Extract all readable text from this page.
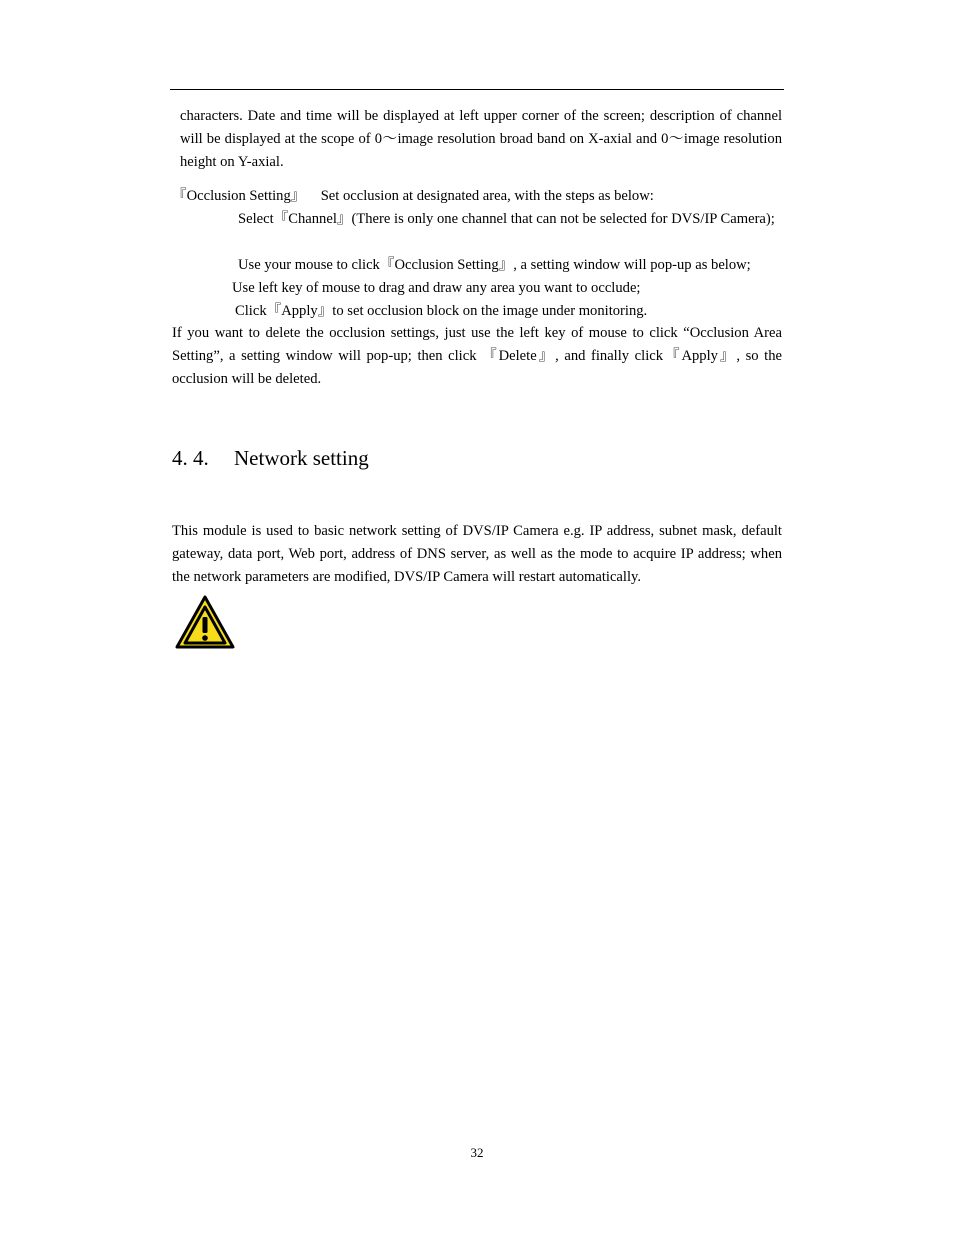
characters. Date and time will be displayed at left upper corner of the screen; description of channel will be displayed at the scope of 0～image resolution broad band on X-axial and 0～image resolution height on Y-axial.
『Occlusion Setting』 Set occlusion at designated area, with the steps as below:
Select『Channel』(There is only one channel that can not be selected for DVS/IP Camera);
Use your mouse to click『Occlusion Setting』, a setting window will pop-up as below;
Use left key of mouse to drag and draw any area you want to occlude;
Click『Apply』to set occlusion block on the image under monitoring.
If you want to delete the occlusion settings, just use the left key of mouse to click “Occlusion Area Setting”, a setting window will pop-up; then click 『Delete』, and finally click『Apply』, so the occlusion will be deleted.
4. 4. Network setting
This module is used to basic network setting of DVS/IP Camera e.g. IP address, subnet mask, default gateway, data port, Web port, address of DNS server, as well as the mode to acquire IP address; when the network parameters are modified, DVS/IP Camera will restart automatically.
32
